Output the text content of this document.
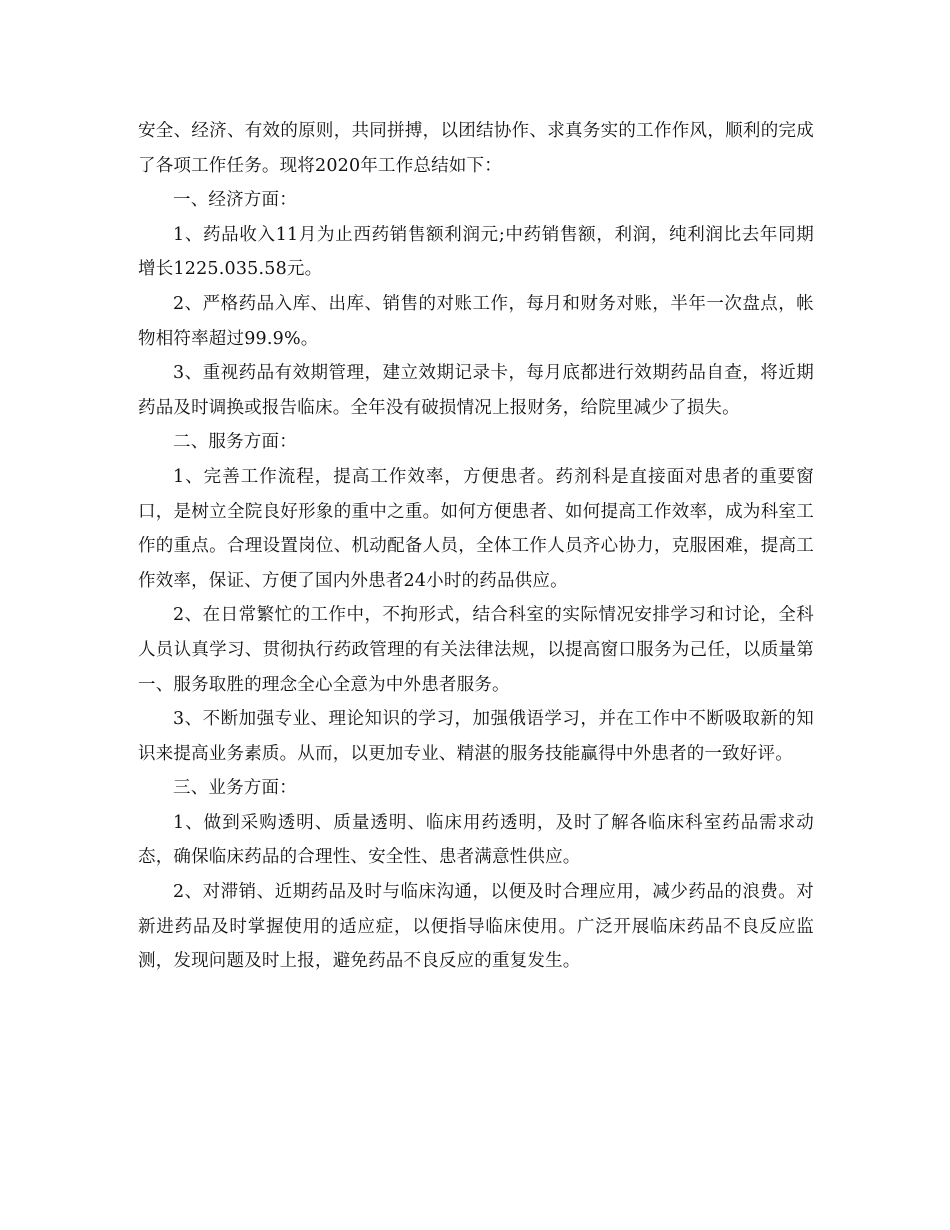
安全、经济、有效的原则，共同拼搏，以团结协作、求真务实的工作作风，顺利的完成了各项工作任务。现将2020年工作总结如下：

一、经济方面：

1、药品收入11月为止西药销售额利润元;中药销售额，利润，纯利润比去年同期增长1225.035.58元。

2、严格药品入库、出库、销售的对账工作，每月和财务对账，半年一次盘点，帐物相符率超过99.9%。

3、重视药品有效期管理，建立效期记录卡，每月底都进行效期药品自查，将近期药品及时调换或报告临床。全年没有破损情况上报财务，给院里减少了损失。

二、服务方面：

1、完善工作流程，提高工作效率，方便患者。药剂科是直接面对患者的重要窗口，是树立全院良好形象的重中之重。如何方便患者、如何提高工作效率，成为科室工作的重点。合理设置岗位、机动配备人员，全体工作人员齐心协力，克服困难，提高工作效率，保证、方便了国内外患者24小时的药品供应。

2、在日常繁忙的工作中，不拘形式，结合科室的实际情况安排学习和讨论，全科人员认真学习、贯彻执行药政管理的有关法律法规，以提高窗口服务为己任，以质量第一、服务取胜的理念全心全意为中外患者服务。

3、不断加强专业、理论知识的学习，加强俄语学习，并在工作中不断吸取新的知识来提高业务素质。从而，以更加专业、精湛的服务技能赢得中外患者的一致好评。

三、业务方面：

1、做到采购透明、质量透明、临床用药透明，及时了解各临床科室药品需求动态，确保临床药品的合理性、安全性、患者满意性供应。

2、对滞销、近期药品及时与临床沟通，以便及时合理应用，减少药品的浪费。对新进药品及时掌握使用的适应症，以便指导临床使用。广泛开展临床药品不良反应监测，发现问题及时上报，避免药品不良反应的重复发生。
